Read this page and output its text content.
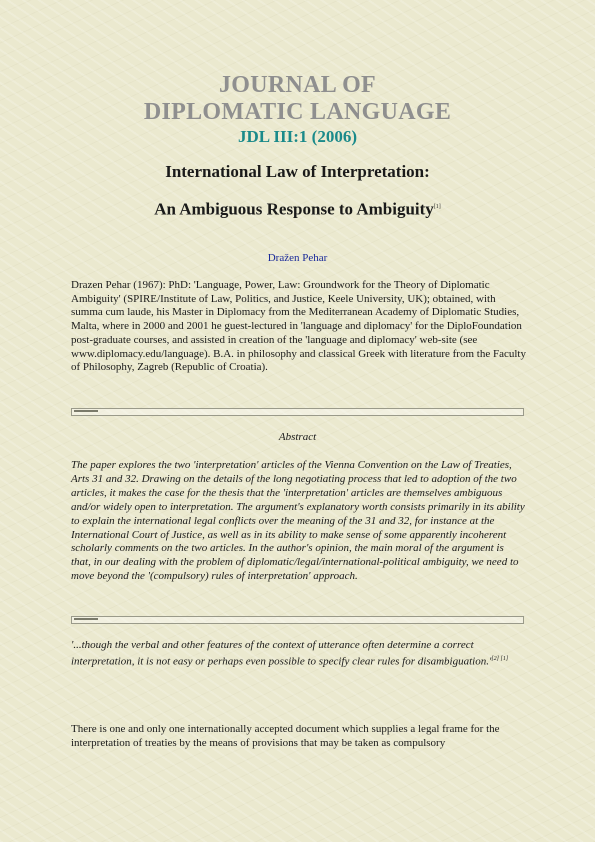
JOURNAL OF
DIPLOMATIC LANGUAGE
JDL III:1 (2006)
International Law of Interpretation:
An Ambiguous Response to Ambiguity[1]
Dražen Pehar

Drazen Pehar (1967): PhD: 'Language, Power, Law: Groundwork for the Theory of Diplomatic Ambiguity' (SPIRE/Institute of Law, Politics, and Justice, Keele University, UK); obtained, with summa cum laude, his Master in Diplomacy from the Mediterranean Academy of Diplomatic Studies, Malta, where in 2000 and 2001 he guest-lectured in 'language and diplomacy' for the DiploFoundation post-graduate courses, and assisted in creation of the 'language and diplomacy' web-site (see www.diplomacy.edu/language). B.A. in philosophy and classical Greek with literature from the Faculty of Philosophy, Zagreb (Republic of Croatia).

Abstract

The paper explores the two 'interpretation' articles of the Vienna Convention on the Law of Treaties, Arts 31 and 32. Drawing on the details of the long negotiating process that led to adoption of the two articles, it makes the case for the thesis that the 'interpretation' articles are themselves ambiguous and/or widely open to interpretation. The argument's explanatory worth consists primarily in its ability to explain the international legal conflicts over the meaning of the 31 and 32, for instance at the International Court of Justice, as well as in its ability to make sense of some apparently incoherent scholarly comments on the two articles. In the author's opinion, the main moral of the argument is that, in our dealing with the problem of diplomatic/legal/international-political ambiguity, we need to move beyond the '(compulsory) rules of interpretation' approach.

'...though the verbal and other features of the context of utterance often determine a correct interpretation, it is not easy or perhaps even possible to specify clear rules for disambiguation.'[2] [1]

There is one and only one internationally accepted document which supplies a legal frame for the interpretation of treaties by the means of provisions that may be taken as compulsory
